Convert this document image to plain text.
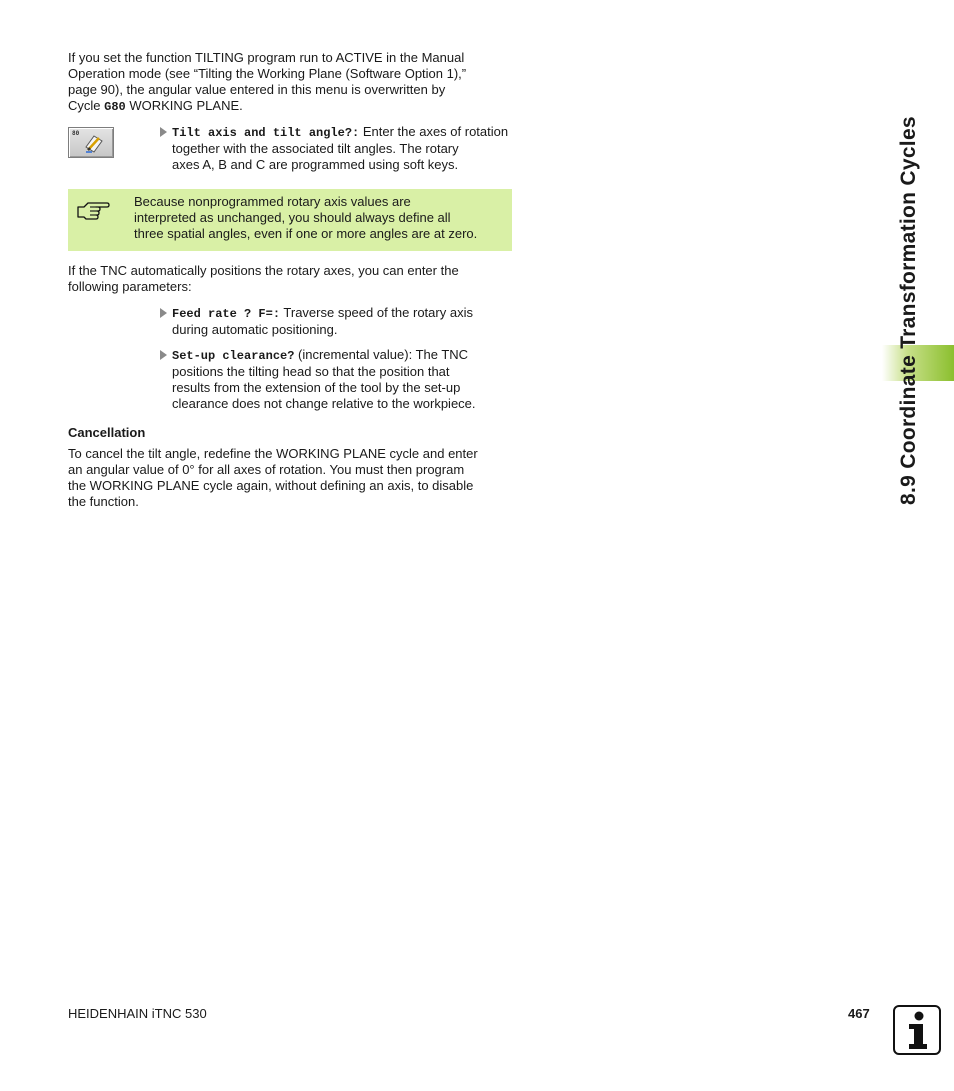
If you set the function TILTING program run to ACTIVE in the Manual
Operation mode (see “Tilting the Working Plane (Software Option 1),”
page 90), the angular value entered in this menu is overwritten by
Cycle G80 WORKING PLANE.
80	Tilt axis and tilt angle?: Enter the axes of rotation
together with the associated tilt angles. The rotary
axes A, B and C are programmed using soft keys.
Because nonprogrammed rotary axis values are
interpreted as unchanged, you should always define all
three spatial angles, even if one or more angles are at zero.
If the TNC automatically positions the rotary axes, you can enter the
following parameters:
Feed rate ? F=: Traverse speed of the rotary axis
during automatic positioning.
Set-up clearance? (incremental value): The TNC
positions the tilting head so that the position that
results from the extension of the tool by the set-up
clearance does not change relative to the workpiece.
Cancellation
To cancel the tilt angle, redefine the WORKING PLANE cycle and enter
an angular value of 0° for all axes of rotation. You must then program
the WORKING PLANE cycle again, without defining an axis, to disable
the function.	8.9 Coordinate Transformation Cycles
HEIDENHAIN iTNC 530	467
